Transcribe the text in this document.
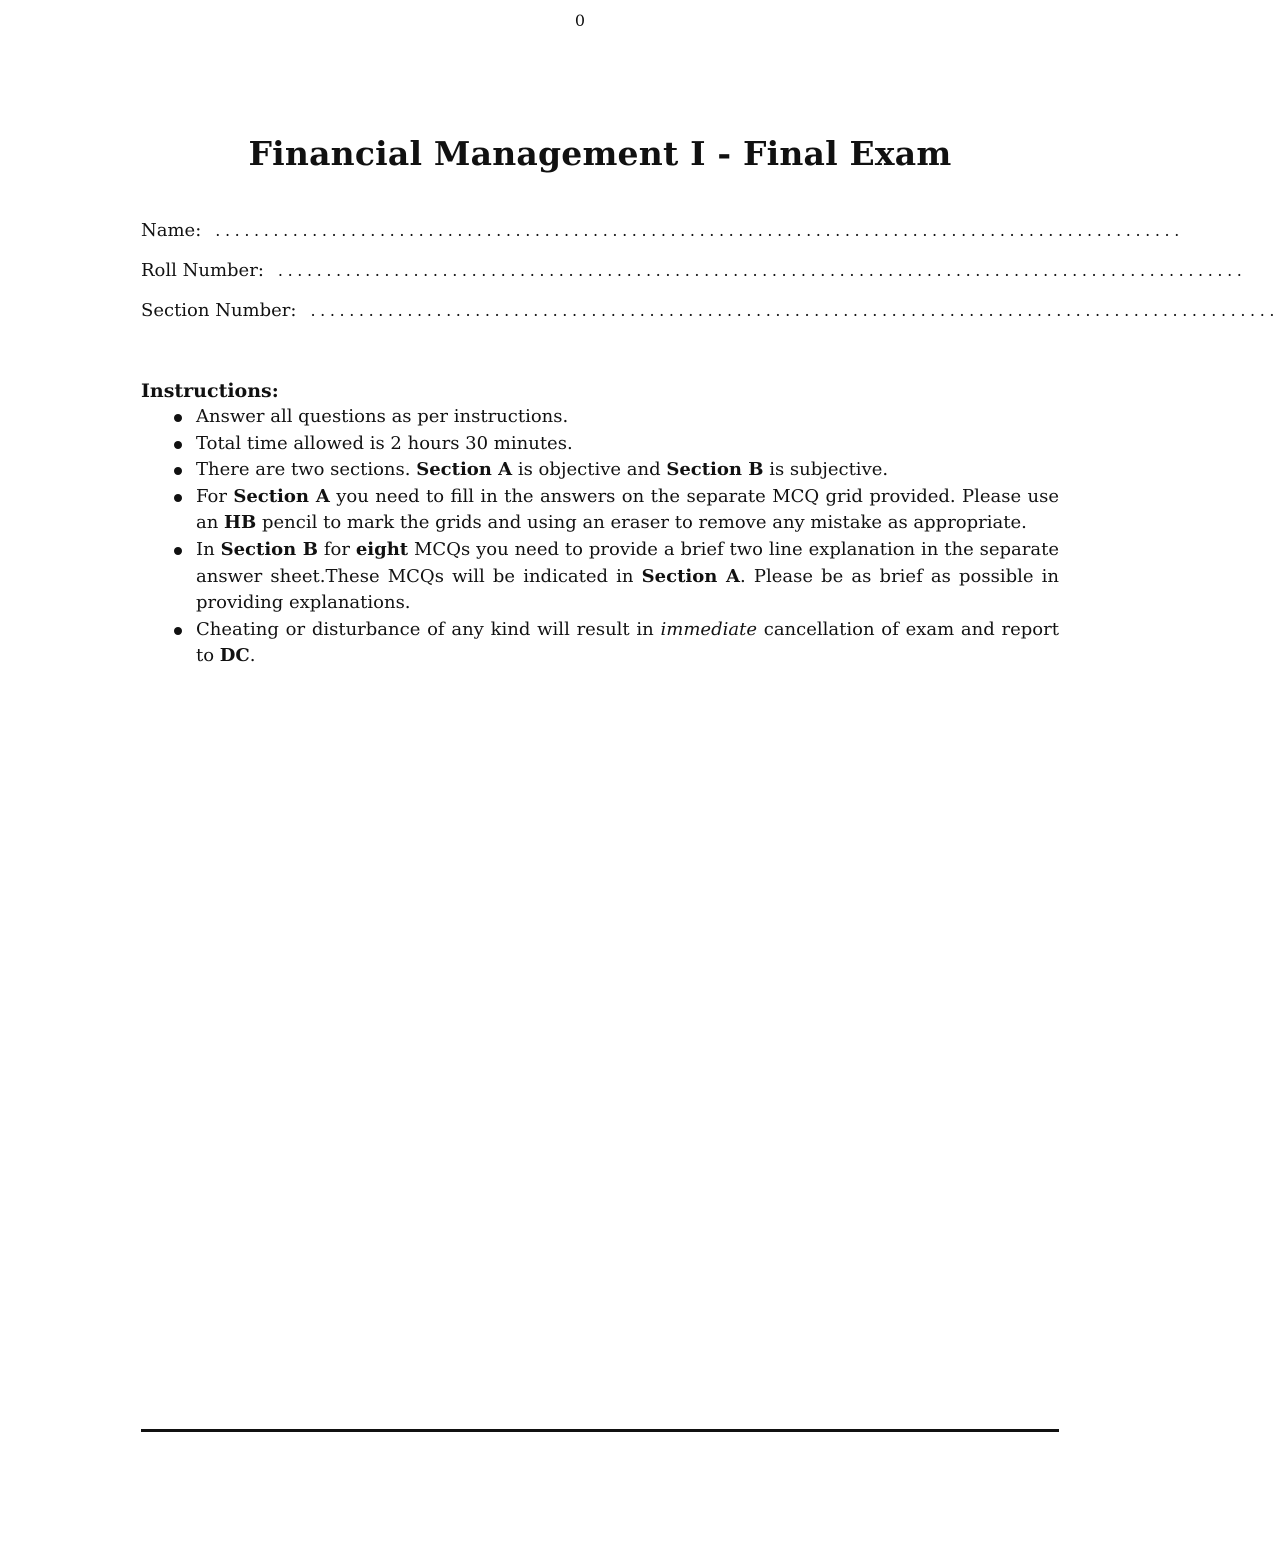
0
Financial Management I - Final Exam
Name: ....................................................................................................
Roll Number: ....................................................................................................
Section Number: ....................................................................................................
Instructions:
Answer all questions as per instructions.
Total time allowed is 2 hours 30 minutes.
There are two sections. Section A is objective and Section B is subjective.
For Section A you need to fill in the answers on the separate MCQ grid provided. Please use an HB pencil to mark the grids and using an eraser to remove any mistake as appropriate.
In Section B for eight MCQs you need to provide a brief two line explanation in the separate answer sheet.These MCQs will be indicated in Section A. Please be as brief as possible in providing explanations.
Cheating or disturbance of any kind will result in immediate cancellation of exam and report to DC.
